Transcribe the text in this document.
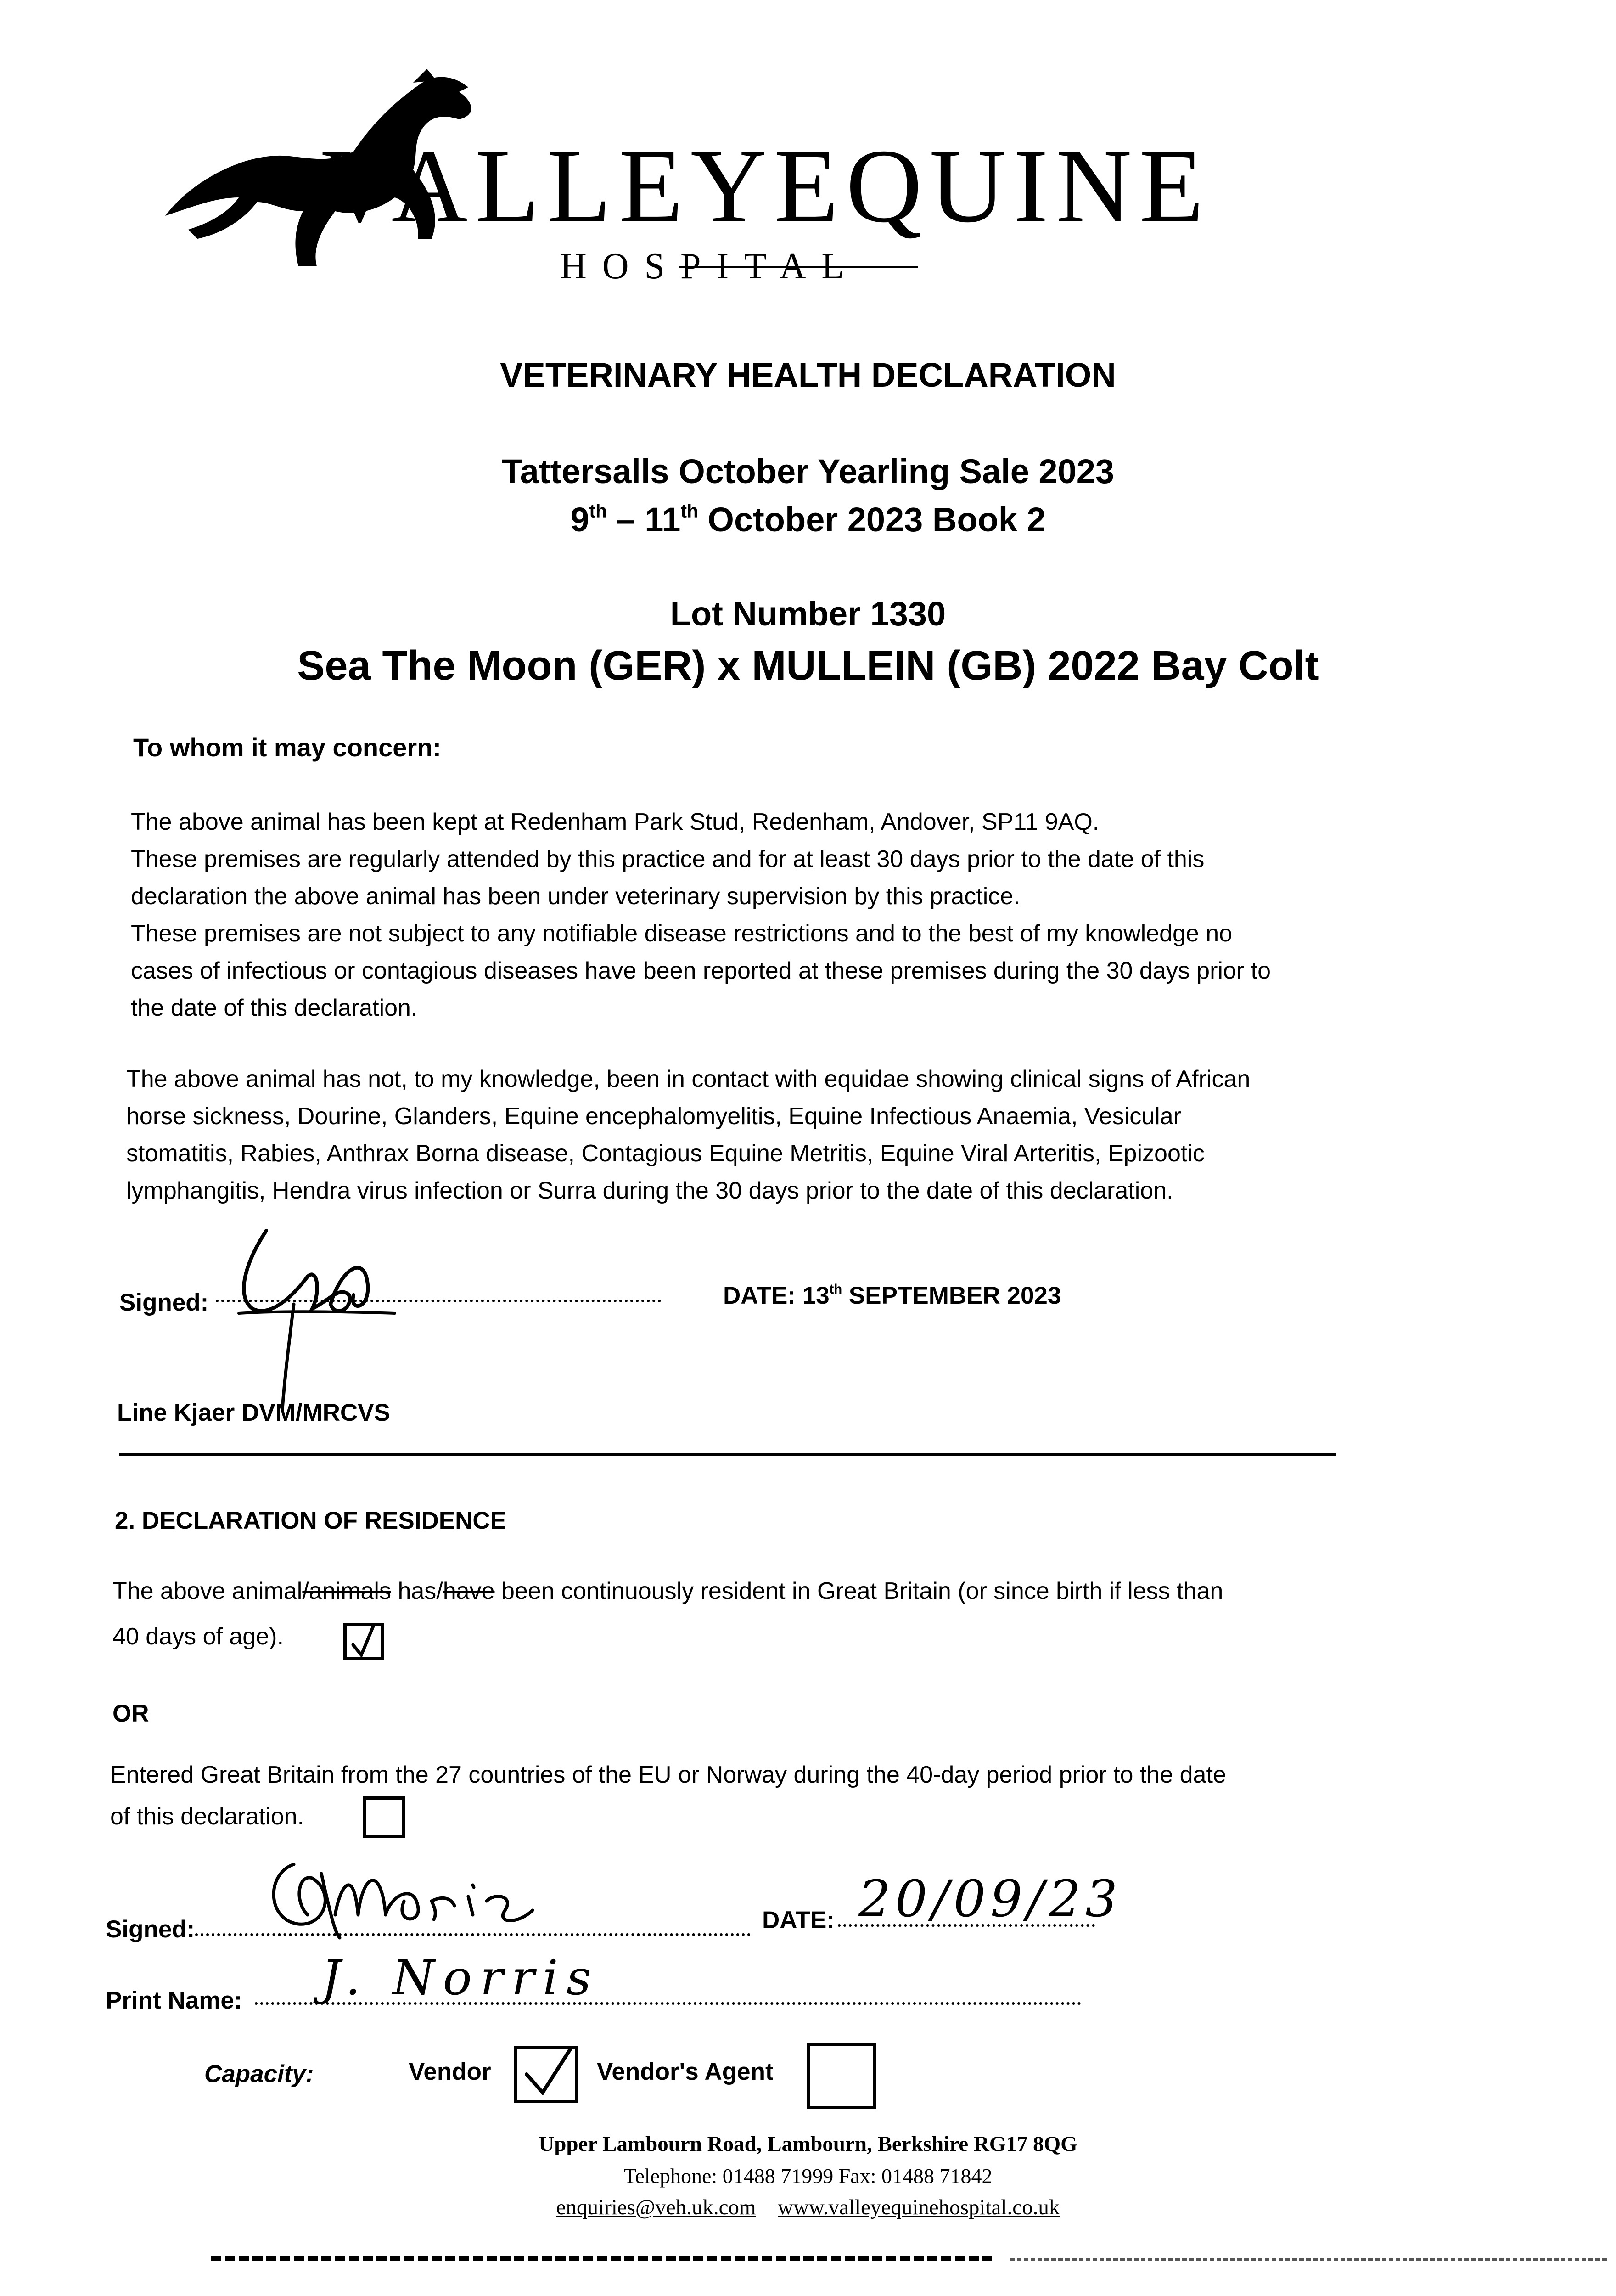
VALLEYEQUINE
HOSPITAL
VETERINARY HEALTH DECLARATION
Tattersalls October Yearling Sale 2023
9th – 11th October 2023 Book 2
Lot Number 1330
Sea The Moon (GER) x MULLEIN (GB) 2022 Bay Colt
To whom it may concern:
The above animal has been kept at Redenham Park Stud, Redenham, Andover, SP11 9AQ.
These premises are regularly attended by this practice and for at least 30 days prior to the date of this
declaration the above animal has been under veterinary supervision by this practice.
These premises are not subject to any notifiable disease restrictions and to the best of my knowledge no
cases of infectious or contagious diseases have been reported at these premises during the 30 days prior to
the date of this declaration.
The above animal has not, to my knowledge, been in contact with equidae showing clinical signs of African
horse sickness, Dourine, Glanders, Equine encephalomyelitis, Equine Infectious Anaemia, Vesicular
stomatitis, Rabies, Anthrax Borna disease, Contagious Equine Metritis, Equine Viral Arteritis, Epizootic
lymphangitis, Hendra virus infection or Surra during the 30 days prior to the date of this declaration.
Signed:	DATE: 13th SEPTEMBER 2023
Line Kjaer DVM/MRCVS
2. DECLARATION OF RESIDENCE
The above animal/animals has/have been continuously resident in Great Britain (or since birth if less than
40 days of age).
OR
Entered Great Britain from the 27 countries of the EU or Norway during the 40-day period prior to the date
of this declaration.
Signed:	DATE: 20/09/23
Print Name: J. Norris
Capacity:	Vendor	Vendor's Agent
Upper Lambourn Road, Lambourn, Berkshire RG17 8QG
Telephone: 01488 71999 Fax: 01488 71842
enquiries@veh.uk.com www.valleyequinehospital.co.uk
